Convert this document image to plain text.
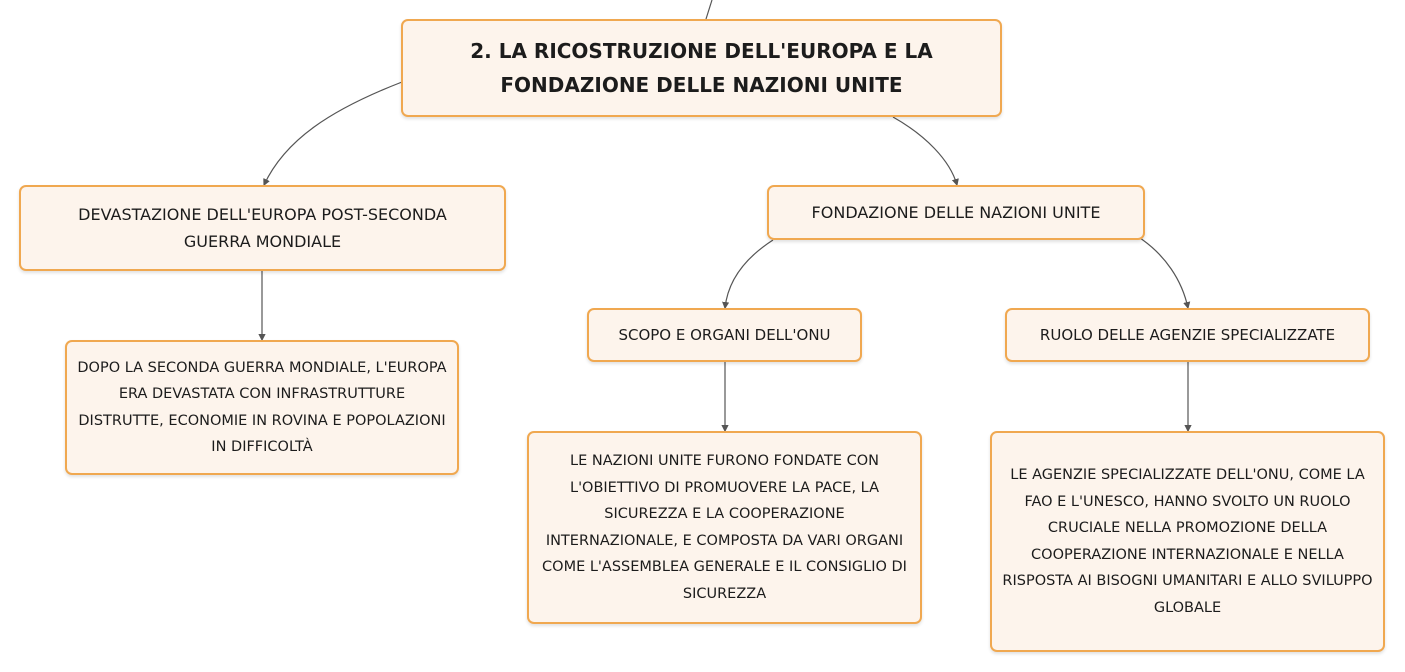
2. LA RICOSTRUZIONE DELL'EUROPA E LA FONDAZIONE DELLE NAZIONI UNITE
DEVASTAZIONE DELL'EUROPA POST-SECONDA GUERRA MONDIALE
FONDAZIONE DELLE NAZIONI UNITE
DOPO LA SECONDA GUERRA MONDIALE, L'EUROPA ERA DEVASTATA CON INFRASTRUTTURE DISTRUTTE, ECONOMIE IN ROVINA E POPOLAZIONI IN DIFFICOLTÀ
SCOPO E ORGANI DELL'ONU	RUOLO DELLE AGENZIE SPECIALIZZATE
LE NAZIONI UNITE FURONO FONDATE CON L'OBIETTIVO DI PROMUOVERE LA PACE, LA SICUREZZA E LA COOPERAZIONE INTERNAZIONALE, E COMPOSTA DA VARI ORGANI COME L'ASSEMBLEA GENERALE E IL CONSIGLIO DI SICUREZZA
LE AGENZIE SPECIALIZZATE DELL'ONU, COME LA FAO E L'UNESCO, HANNO SVOLTO UN RUOLO CRUCIALE NELLA PROMOZIONE DELLA COOPERAZIONE INTERNAZIONALE E NELLA RISPOSTA AI BISOGNI UMANITARI E ALLO SVILUPPO GLOBALE
